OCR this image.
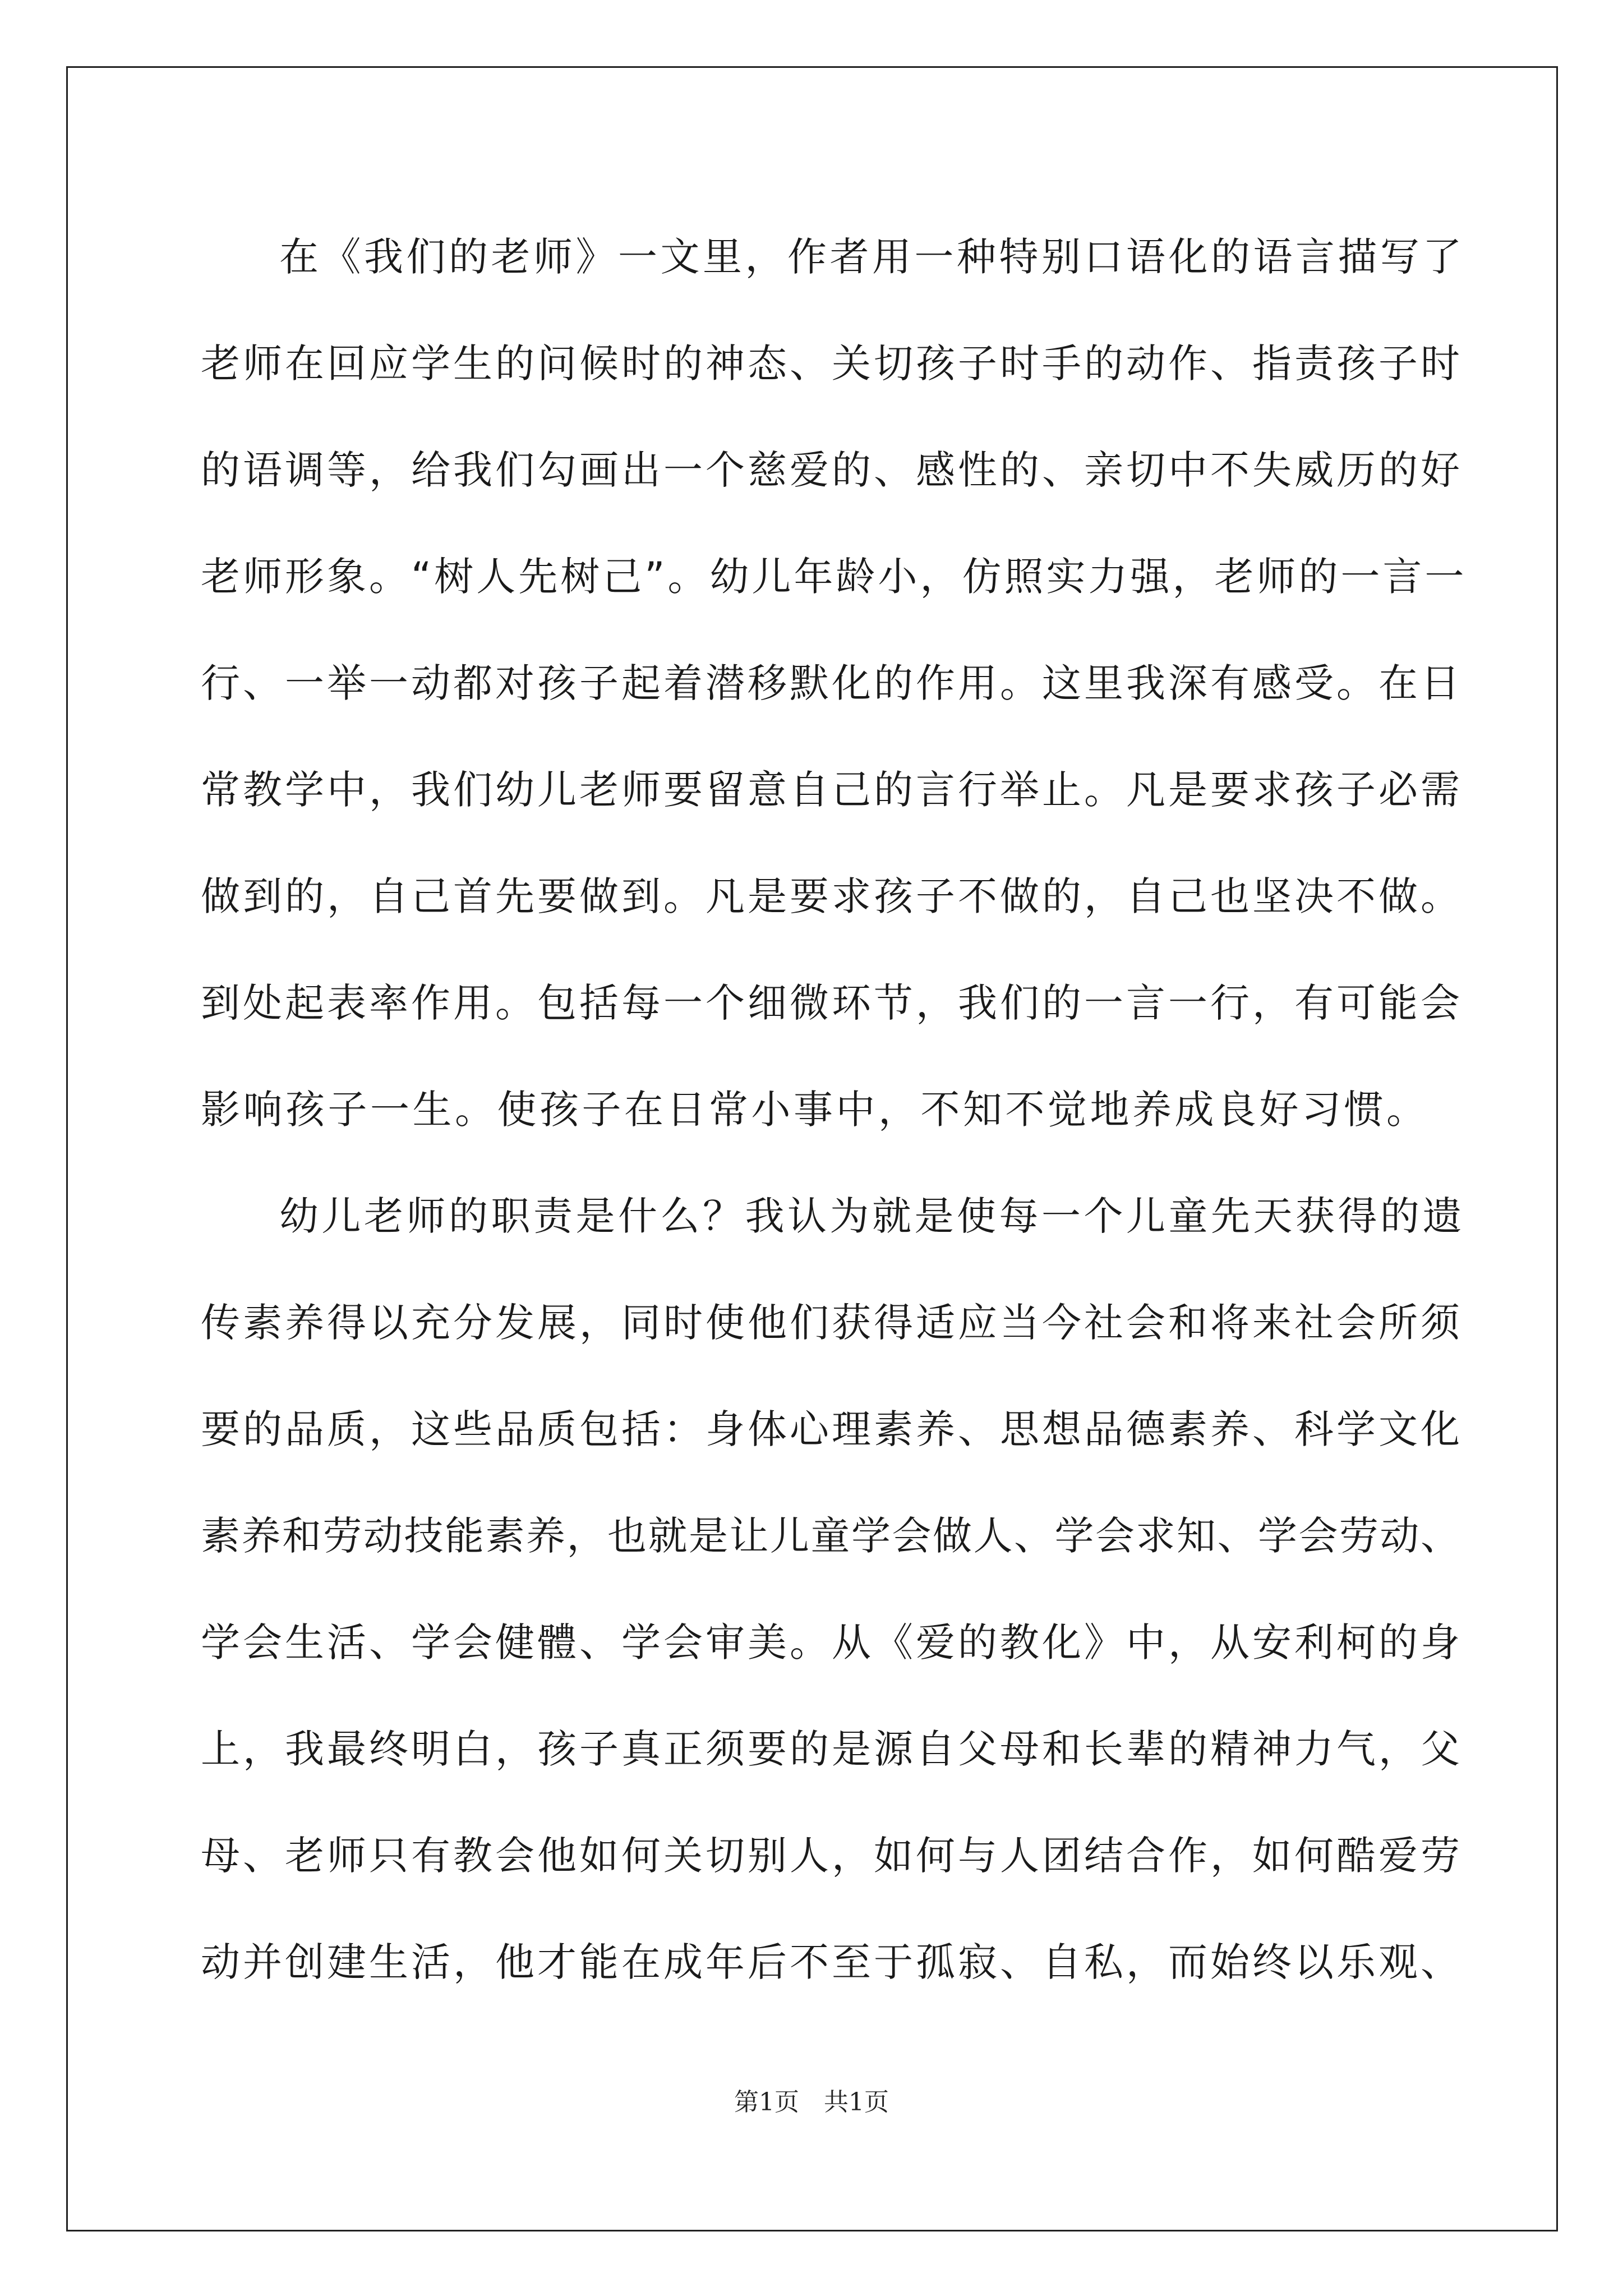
在《我们的老师》一文里，作者用一种特别口语化的语言描写了
老师在回应学生的问候时的神态、关切孩子时手的动作、指责孩子时
的语调等，给我们勾画出一个慈爱的、感性的、亲切中不失威历的好
老师形象。“树人先树己”。幼儿年龄小，仿照实力强，老师的一言一
行、一举一动都对孩子起着潜移默化的作用。这里我深有感受。在日
常教学中，我们幼儿老师要留意自己的言行举止。凡是要求孩子必需
做到的，自己首先要做到。凡是要求孩子不做的，自己也坚决不做。
到处起表率作用。包括每一个细微环节，我们的一言一行，有可能会
影响孩子一生。使孩子在日常小事中，不知不觉地养成良好习惯。
幼儿老师的职责是什么？我认为就是使每一个儿童先天获得的遗
传素养得以充分发展，同时使他们获得适应当今社会和将来社会所须
要的品质，这些品质包括：身体心理素养、思想品德素养、科学文化
素养和劳动技能素养，也就是让儿童学会做人、学会求知、学会劳动、
学会生活、学会健體、学会审美。从《爱的教化》中，从安利柯的身
上，我最终明白，孩子真正须要的是源自父母和长辈的精神力气，父
母、老师只有教会他如何关切别人，如何与人团结合作，如何酷爱劳
动并创建生活，他才能在成年后不至于孤寂、自私，而始终以乐观、
第1页　共1页
